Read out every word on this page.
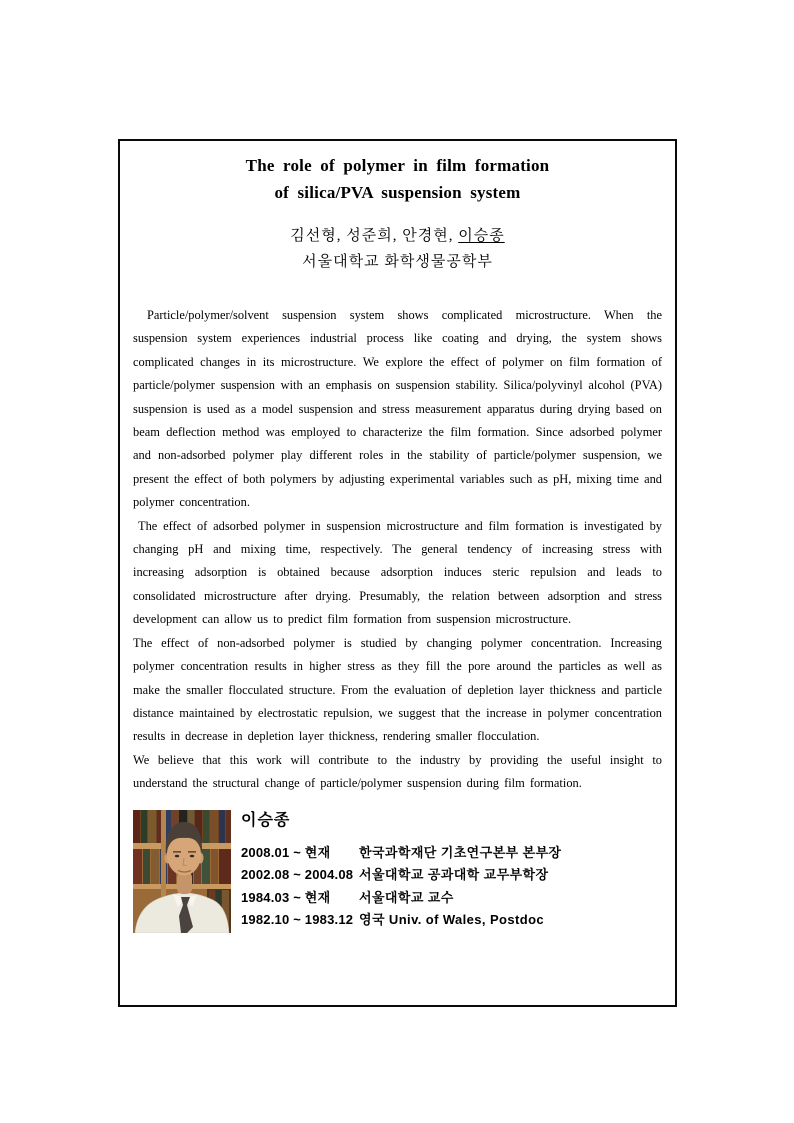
The role of polymer in film formation
of silica/PVA suspension system
김선형, 성준희, 안경현, 이승종
서울대학교 화학생물공학부

Particle/polymer/solvent suspension system shows complicated microstructure. When the suspension system experiences industrial process like coating and drying, the system shows complicated changes in its microstructure. We explore the effect of polymer on film formation of particle/polymer suspension with an emphasis on suspension stability. Silica/polyvinyl alcohol (PVA) suspension is used as a model suspension and stress measurement apparatus during drying based on beam deflection method was employed to characterize the film formation. Since adsorbed polymer and non-adsorbed polymer play different roles in the stability of particle/polymer suspension, we present the effect of both polymers by adjusting experimental variables such as pH, mixing time and polymer concentration.

The effect of adsorbed polymer in suspension microstructure and film formation is investigated by changing pH and mixing time, respectively. The general tendency of increasing stress with increasing adsorption is obtained because adsorption induces steric repulsion and leads to consolidated microstructure after drying. Presumably, the relation between adsorption and stress development can allow us to predict film formation from suspension microstructure.

The effect of non-adsorbed polymer is studied by changing polymer concentration. Increasing polymer concentration results in higher stress as they fill the pore around the particles as well as make the smaller flocculated structure. From the evaluation of depletion layer thickness and particle distance maintained by electrostatic repulsion, we suggest that the increase in polymer concentration results in decrease in depletion layer thickness, rendering smaller flocculation.

We believe that this work will contribute to the industry by providing the useful insight to understand the structural change of particle/polymer suspension during film formation.

이승종
2008.01 ~ 현재	한국과학재단 기초연구본부 본부장
2002.08 ~ 2004.08 서울대학교 공과대학 교무부학장
1984.03 ~ 현재	서울대학교 교수
1982.10 ~ 1983.12 영국 Univ. of Wales, Postdoc
